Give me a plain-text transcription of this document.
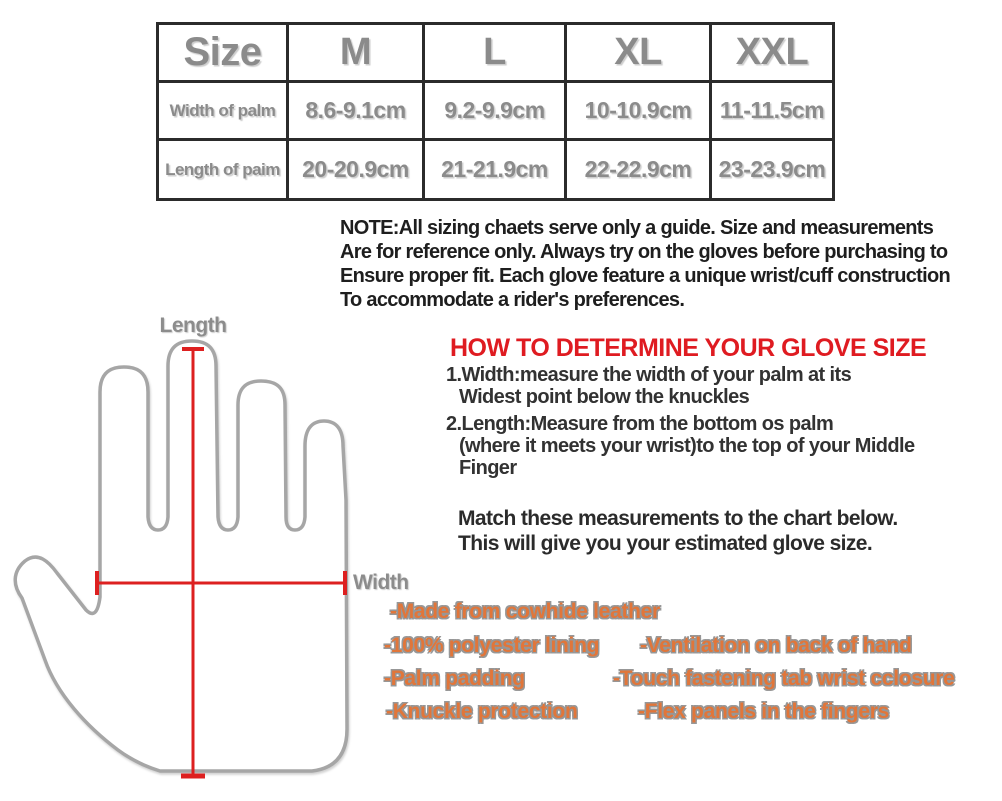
Size	M	L	XL	XXL
Width of palm	8.6-9.1cm	9.2-9.9cm	10-10.9cm	11-11.5cm
Length of paim	20-20.9cm	21-21.9cm	22-22.9cm	23-23.9cm
NOTE:All sizing chaets serve only a guide. Size and measurements
Are for reference only. Always try on the gloves before purchasing to
Ensure proper fit. Each glove feature a unique wrist/cuff construction
To accommodate a rider's preferences.
HOW TO DETERMINE YOUR GLOVE SIZE
1.Width:measure the width of your palm at its
Widest point below the knuckles
2.Length:Measure from the bottom os palm
(where it meets your wrist)to the top of your Middle
Finger
Match these measurements to the chart below.
This will give you your estimated glove size.
Length
Width
-Made from cowhide leather
-100% polyester lining -Ventilation on back of hand
-Palm padding	-Touch fastening tab wrist cclosure
-Knuckle protection	-Flex panels in the fingers
